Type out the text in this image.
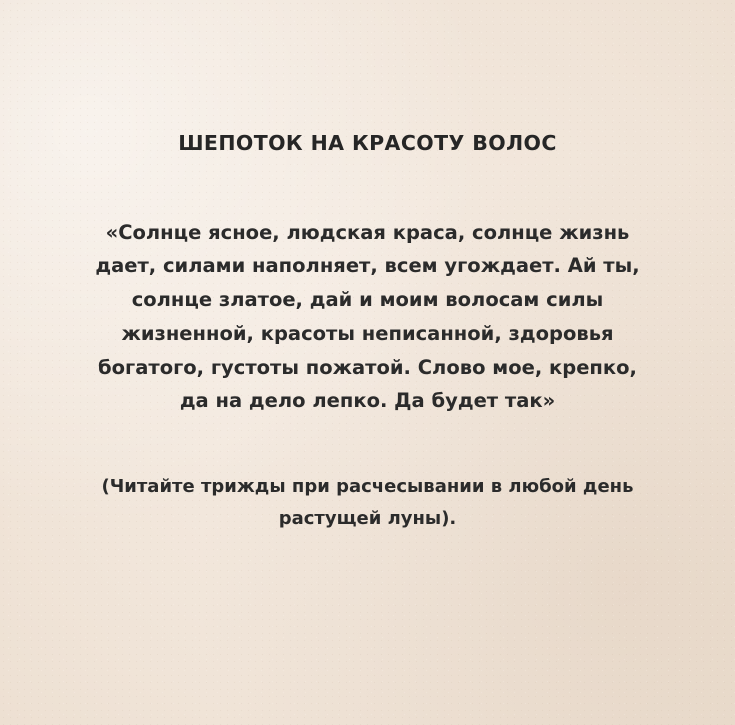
ШЕПОТОК НА КРАСОТУ ВОЛОС

«Солнце ясное, людская краса, солнце жизнь дает, силами наполняет, всем угождает. Ай ты, солнце златое, дай и моим волосам силы жизненной, красоты неписанной, здоровья богатого, густоты пожатой. Слово мое, крепко, да на дело лепко. Да будет так»

(Читайте трижды при расчесывании в любой день растущей луны).
